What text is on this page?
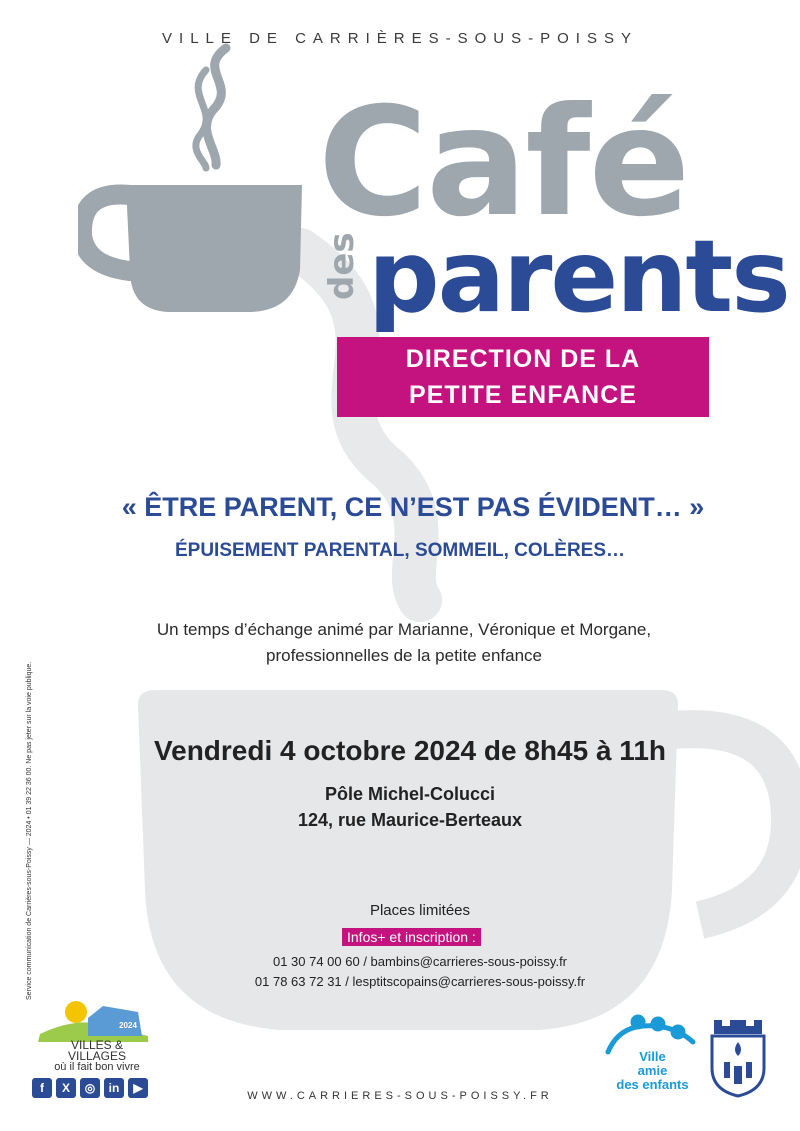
VILLE DE CARRIÈRES-SOUS-POISSY
Café
des parents
DIRECTION DE LA
PETITE ENFANCE
« ÊTRE PARENT, CE N’EST PAS ÉVIDENT… »
ÉPUISEMENT PARENTAL, SOMMEIL, COLÈRES…
Un temps d’échange animé par Marianne, Véronique et Morgane,
professionnelles de la petite enfance
Vendredi 4 octobre 2024 de 8h45 à 11h
Pôle Michel-Colucci
124, rue Maurice-Berteaux
Places limitées
Infos+ et inscription :
01 30 74 00 60 / bambins@carrieres-sous-poissy.fr
01 78 63 72 31 / lesptitscopains@carrieres-sous-poissy.fr
Service communication de Carrières-sous-Poissy — 2024 • 01 39 22 36 00. Ne pas jeter sur la voie publique.
2024
VILLES & VILLAGES
où il fait bon vivre
f	X	◎	in	▶
Ville
amie
des enfants
WWW.CARRIERES-SOUS-POISSY.FR
